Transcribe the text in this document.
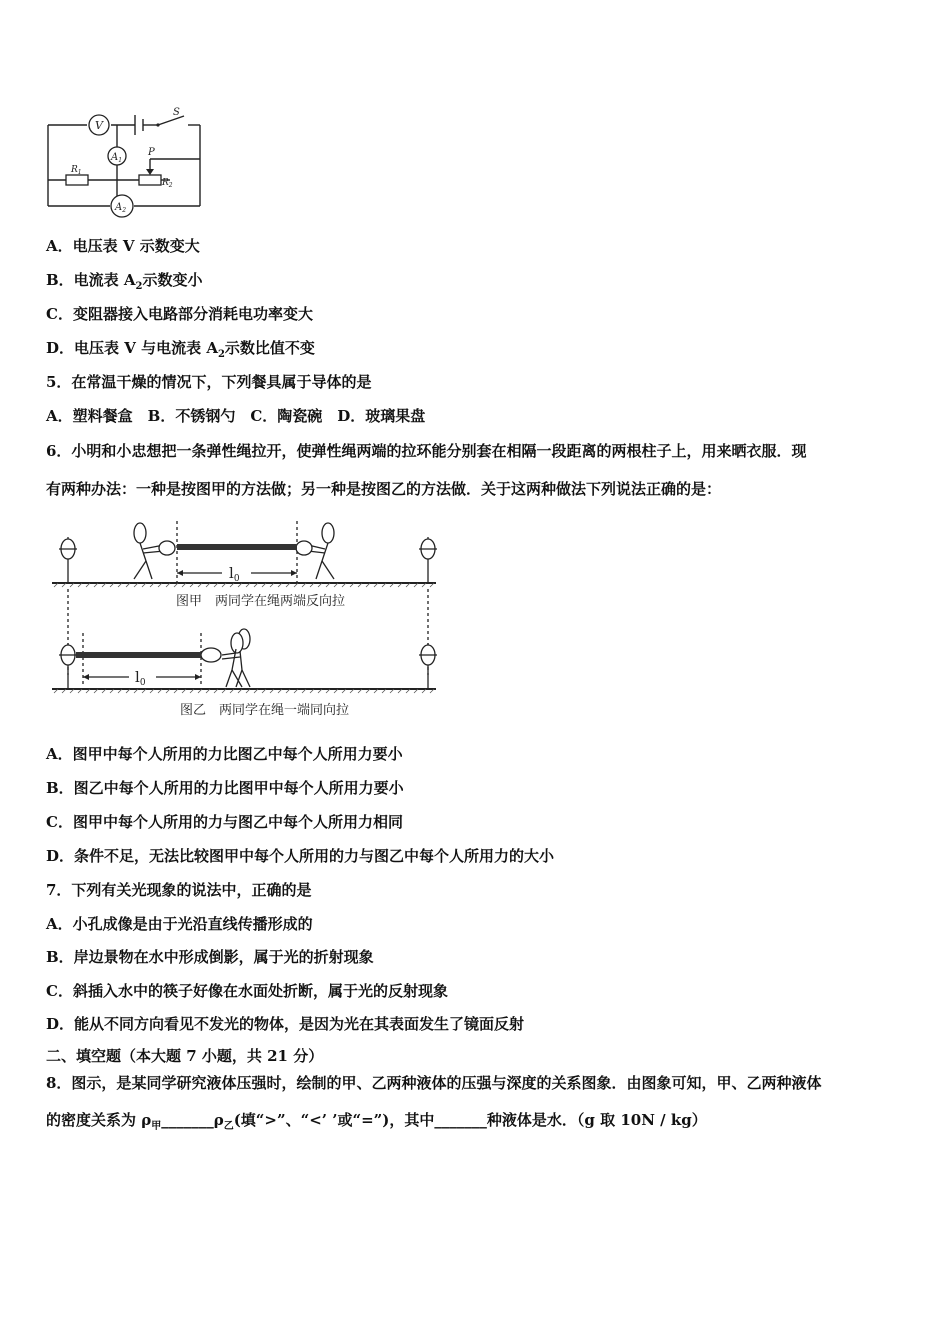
V
$A_1$
$A_2$
S
P
$R_1$
$R_2$
A．电压表 V 示数变大
B．电流表 $A_2$示数变小
C．变阻器接入电路部分消耗电功率变大
D．电压表 V 与电流表 $A_2$示数比值不变
5．在常温干燥的情况下，下列餐具属于导体的是
A．塑料餐盒　B．不锈钢勺　C．陶瓷碗　D．玻璃果盘
6．小明和小忠想把一条弹性绳拉开，使弹性绳两端的拉环能分别套在相隔一段距离的两根柱子上，用来晒衣服．现
有两种办法：一种是按图甲的方法做；另一种是按图乙的方法做．关于这两种做法下列说法正确的是：
$l_0$
$l_0$
图甲　两同学在绳两端反向拉
图乙　两同学在绳一端同向拉
A．图甲中每个人所用的力比图乙中每个人所用力要小
B．图乙中每个人所用的力比图甲中每个人所用力要小
C．图甲中每个人所用的力与图乙中每个人所用力相同
D．条件不足，无法比较图甲中每个人所用的力与图乙中每个人所用力的大小
7．下列有关光现象的说法中，正确的是
A．小孔成像是由于光沿直线传播形成的
B．岸边景物在水中形成倒影，属于光的折射现象
C．斜插入水中的筷子好像在水面处折断，属于光的反射现象
D．能从不同方向看见不发光的物体，是因为光在其表面发生了镜面反射
二、填空题（本大题 7 小题，共 21 分）
8．图示，是某同学研究液体压强时，绘制的甲、乙两种液体的压强与深度的关系图象．由图象可知，甲、乙两种液体
的密度关系为 $\rho_甲\_\_\_\_\_\_\_\rho_乙$(填“>”、“<’ ’或“=”)，其中_______种液体是水．（g 取 10N / kg）
